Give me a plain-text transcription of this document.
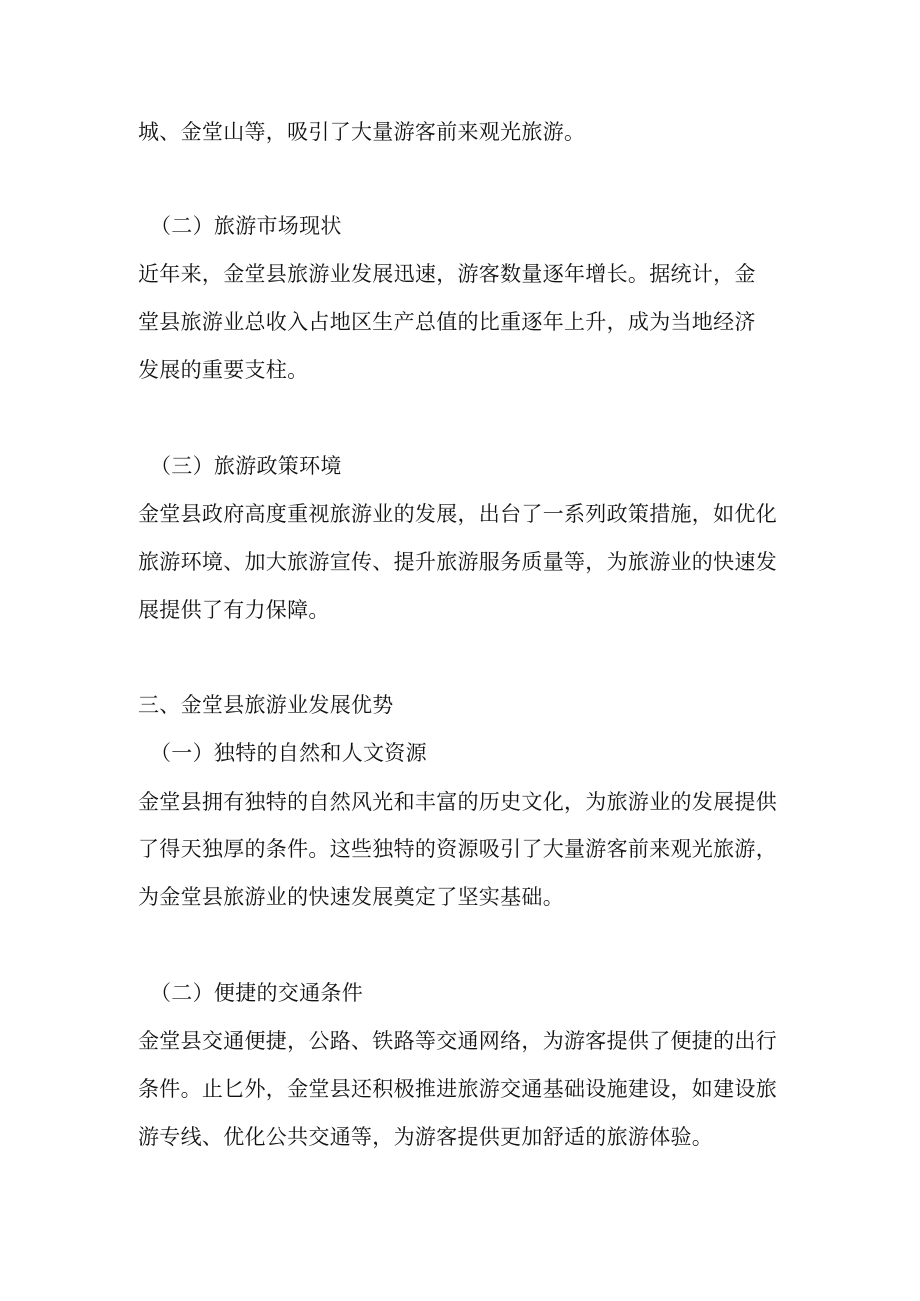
城、金堂山等，吸引了大量游客前来观光旅游。
（二）旅游市场现状
近年来，金堂县旅游业发展迅速，游客数量逐年增长。据统计，金
堂县旅游业总收入占地区生产总值的比重逐年上升，成为当地经济
发展的重要支柱。
（三）旅游政策环境
金堂县政府高度重视旅游业的发展，出台了一系列政策措施，如优化
旅游环境、加大旅游宣传、提升旅游服务质量等，为旅游业的快速发
展提供了有力保障。
三、金堂县旅游业发展优势
（一）独特的自然和人文资源
金堂县拥有独特的自然风光和丰富的历史文化，为旅游业的发展提供
了得天独厚的条件。这些独特的资源吸引了大量游客前来观光旅游，
为金堂县旅游业的快速发展奠定了坚实基础。
（二）便捷的交通条件
金堂县交通便捷，公路、铁路等交通网络，为游客提供了便捷的出行
条件。止匕外，金堂县还积极推进旅游交通基础设施建设，如建设旅
游专线、优化公共交通等，为游客提供更加舒适的旅游体验。
